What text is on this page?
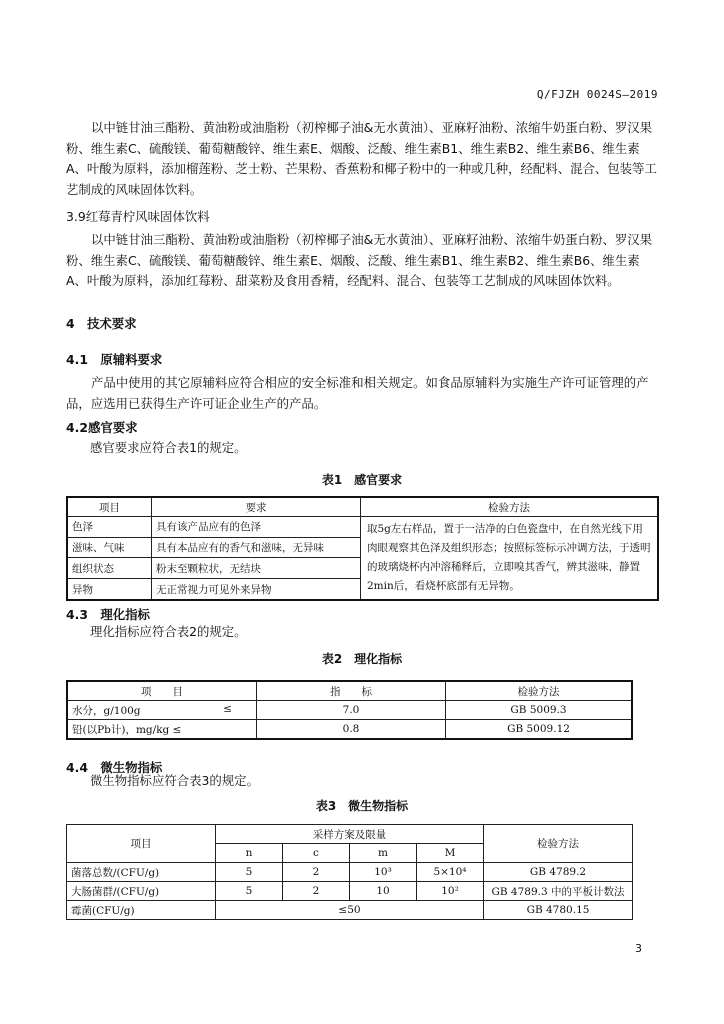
Q/FJZH 0024S—2019
以中链甘油三酯粉、黄油粉或油脂粉（初榨椰子油&无水黄油）、亚麻籽油粉、浓缩牛奶蛋白粉、罗汉果粉、维生素C、硫酸镁、葡萄糖酸锌、维生素E、烟酸、泛酸、维生素B1、维生素B2、维生素B6、维生素A、叶酸为原料，添加榴莲粉、芝士粉、芒果粉、香蕉粉和椰子粉中的一种或几种，经配料、混合、包装等工艺制成的风味固体饮料。
3.9红莓青柠风味固体饮料
以中链甘油三酯粉、黄油粉或油脂粉（初榨椰子油&无水黄油）、亚麻籽油粉、浓缩牛奶蛋白粉、罗汉果粉、维生素C、硫酸镁、葡萄糖酸锌、维生素E、烟酸、泛酸、维生素B1、维生素B2、维生素B6、维生素A、叶酸为原料，添加红莓粉、甜菜粉及食用香精，经配料、混合、包装等工艺制成的风味固体饮料。
4　技术要求
4.1　原辅料要求
产品中使用的其它原辅料应符合相应的安全标准和相关规定。如食品原辅料为实施生产许可证管理的产品，应选用已获得生产许可证企业生产的产品。
4.2感官要求
感官要求应符合表1的规定。
表1　感官要求
项目	要求	检验方法
色泽	具有该产品应有的色泽	取5g左右样品，置于一洁净的白色瓷盘中，在自然光线下用肉眼观察其色泽及组织形态；按照标签标示冲调方法，于透明的玻璃烧杯内冲溶稀释后，立即嗅其香气，辨其滋味，静置2min后，看烧杯底部有无异物。
滋味、气味	具有本品应有的香气和滋味，无异味	
组织状态	粉末至颗粒状，无结块	
异物	无正常视力可见外来异物	
4.3　理化指标
理化指标应符合表2的规定。
表2　理化指标
项　　目	指　　标	检验方法
水分，g/100g ≤	7.0	GB 5009.3
铅(以Pb计)，mg/kg ≤	0.8	GB 5009.12
4.4　微生物指标
微生物指标应符合表3的规定。
表3　微生物指标
项目	采样方案及限量				检验方法
	n	c	m	M	
菌落总数/(CFU/g)	5	2	10³	5×10⁴	GB 4789.2
大肠菌群/(CFU/g)	5	2	10	10²	GB 4789.3 中的平板计数法
霉菌(CFU/g)	≤50				GB 4780.15
3
